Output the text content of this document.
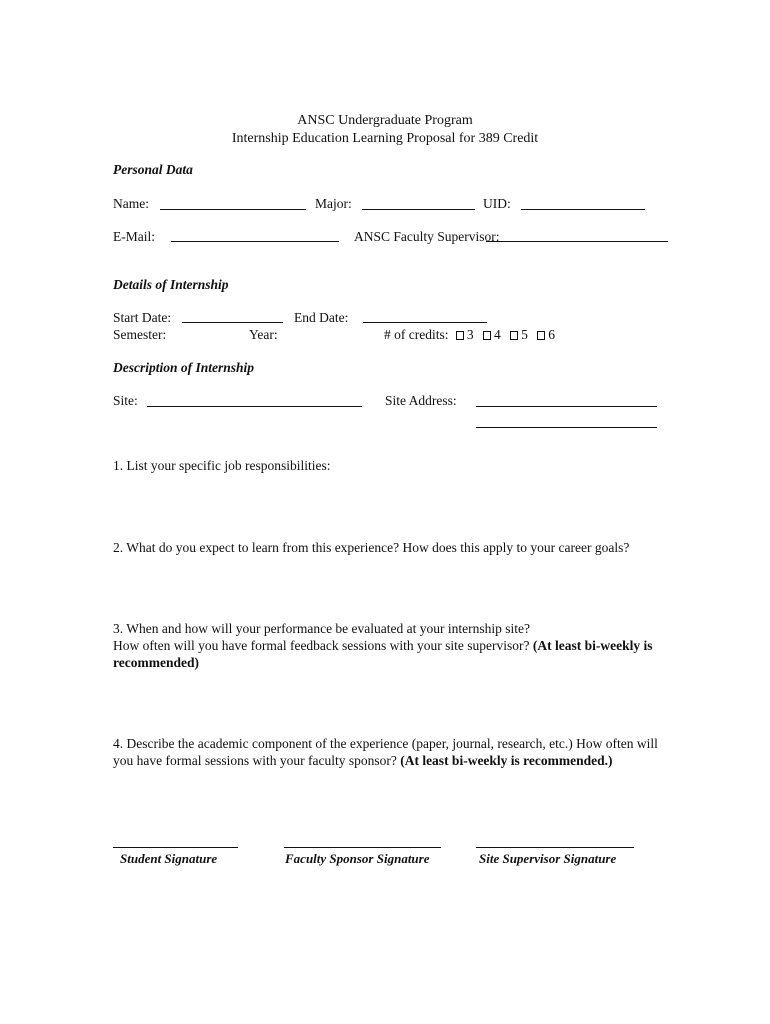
ANSC Undergraduate Program
Internship Education Learning Proposal for 389 Credit
Personal Data
Name:	Major:	UID:
E-Mail:	ANSC Faculty Supervisor:
Details of Internship
Start Date:	End Date:
Semester:	Year:	# of credits: 3 4 5 6
Description of Internship
Site:	Site Address:
1. List your specific job responsibilities:
2. What do you expect to learn from this experience? How does this apply to your career goals?
3. When and how will your performance be evaluated at your internship site?
How often will you have formal feedback sessions with your site supervisor? (At least bi-weekly is recommended)
4. Describe the academic component of the experience (paper, journal, research, etc.) How often will you have formal sessions with your faculty sponsor? (At least bi-weekly is recommended.)
Student Signature	Faculty Sponsor Signature	Site Supervisor Signature
